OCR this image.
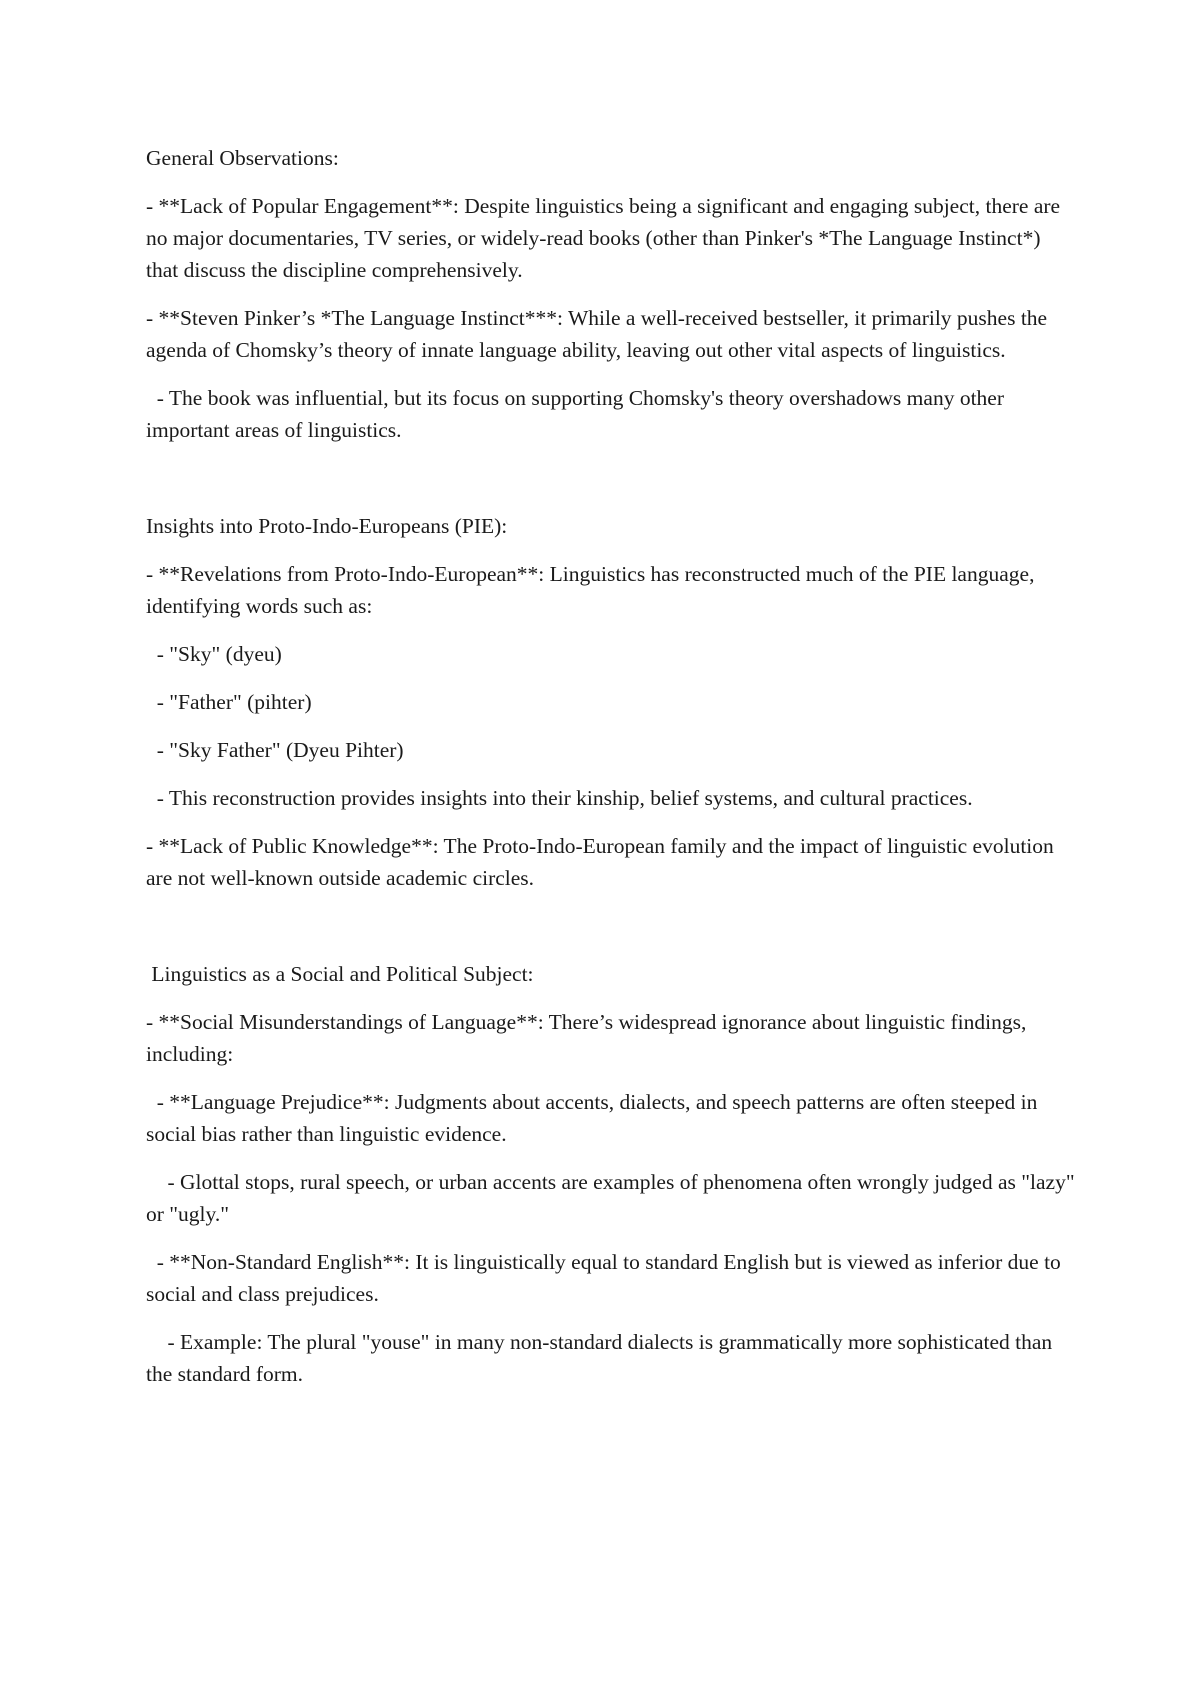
General Observations:

- **Lack of Popular Engagement**: Despite linguistics being a significant and engaging subject, there are no major documentaries, TV series, or widely-read books (other than Pinker's *The Language Instinct*) that discuss the discipline comprehensively.

- **Steven Pinker’s *The Language Instinct***: While a well-received bestseller, it primarily pushes the agenda of Chomsky’s theory of innate language ability, leaving out other vital aspects of linguistics.

- The book was influential, but its focus on supporting Chomsky's theory overshadows many other important areas of linguistics.

Insights into Proto-Indo-Europeans (PIE):

- **Revelations from Proto-Indo-European**: Linguistics has reconstructed much of the PIE language, identifying words such as:

- "Sky" (dyeu)

- "Father" (pihter)

- "Sky Father" (Dyeu Pihter)

- This reconstruction provides insights into their kinship, belief systems, and cultural practices.

- **Lack of Public Knowledge**: The Proto-Indo-European family and the impact of linguistic evolution are not well-known outside academic circles.

Linguistics as a Social and Political Subject:

- **Social Misunderstandings of Language**: There’s widespread ignorance about linguistic findings, including:

- **Language Prejudice**: Judgments about accents, dialects, and speech patterns are often steeped in social bias rather than linguistic evidence.

- Glottal stops, rural speech, or urban accents are examples of phenomena often wrongly judged as "lazy" or "ugly."

- **Non-Standard English**: It is linguistically equal to standard English but is viewed as inferior due to social and class prejudices.

- Example: The plural "youse" in many non-standard dialects is grammatically more sophisticated than the standard form.
